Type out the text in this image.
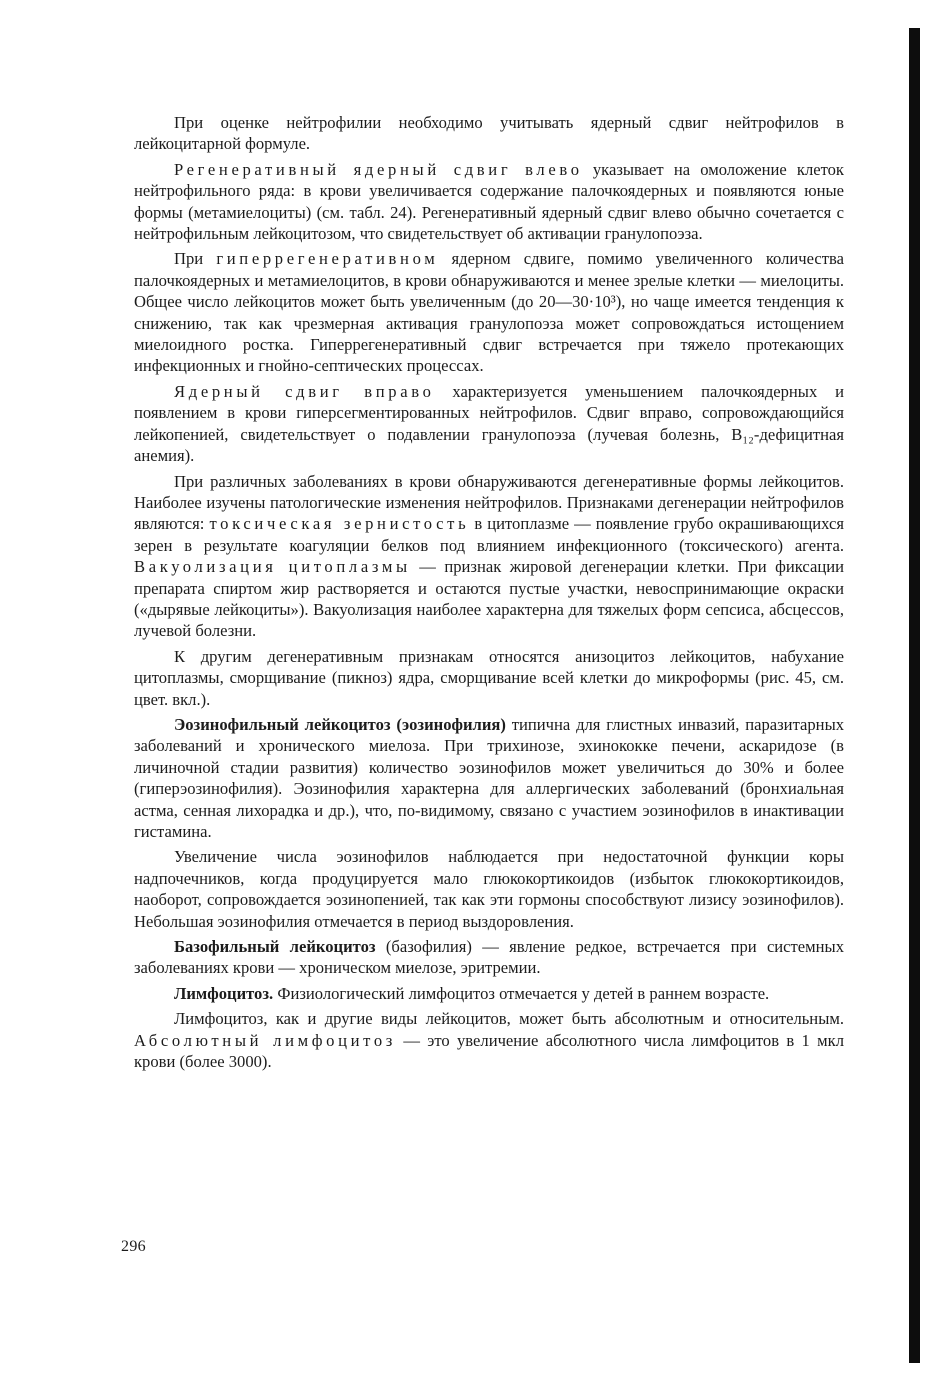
При оценке нейтрофилии необходимо учитывать ядерный сдвиг нейтрофилов в лейкоцитарной формуле.

Регенеративный ядерный сдвиг влево указывает на омоложение клеток нейтрофильного ряда: в крови увеличивается содержание палочкоядерных и появляются юные формы (метамиелоциты) (см. табл. 24). Регенеративный ядерный сдвиг влево обычно сочетается с нейтрофильным лейкоцитозом, что свидетельствует об активации гранулопоэза.

При гиперрегенеративном ядерном сдвиге, помимо увеличенного количества палочкоядерных и метамиелоцитов, в крови обнаруживаются и менее зрелые клетки — миелоциты. Общее число лейкоцитов может быть увеличенным (до 20—30·10³), но чаще имеется тенденция к снижению, так как чрезмерная активация гранулопоэза может сопровождаться истощением миелоидного ростка. Гиперрегенеративный сдвиг встречается при тяжело протекающих инфекционных и гнойно-септических процессах.

Ядерный сдвиг вправо характеризуется уменьшением палочкоядерных и появлением в крови гиперсегментированных нейтрофилов. Сдвиг вправо, сопровождающийся лейкопенией, свидетельствует о подавлении гранулопоэза (лучевая болезнь, B₁₂-дефицитная анемия).

При различных заболеваниях в крови обнаруживаются дегенеративные формы лейкоцитов. Наиболее изучены патологические изменения нейтрофилов. Признаками дегенерации нейтрофилов являются: токсическая зернистость в цитоплазме — появление грубо окрашивающихся зерен в результате коагуляции белков под влиянием инфекционного (токсического) агента. Вакуолизация цитоплазмы — признак жировой дегенерации клетки. При фиксации препарата спиртом жир растворяется и остаются пустые участки, невоспринимающие окраски («дырявые лейкоциты»). Вакуолизация наиболее характерна для тяжелых форм сепсиса, абсцессов, лучевой болезни.

К другим дегенеративным признакам относятся анизоцитоз лейкоцитов, набухание цитоплазмы, сморщивание (пикноз) ядра, сморщивание всей клетки до микроформы (рис. 45, см. цвет. вкл.).

Эозинофильный лейкоцитоз (эозинофилия) типична для глистных инвазий, паразитарных заболеваний и хронического миелоза. При трихинозе, эхинококке печени, аскаридозе (в личиночной стадии развития) количество эозинофилов может увеличиться до 30% и более (гиперэозинофилия). Эозинофилия характерна для аллергических заболеваний (бронхиальная астма, сенная лихорадка и др.), что, по-видимому, связано с участием эозинофилов в инактивации гистамина.

Увеличение числа эозинофилов наблюдается при недостаточной функции коры надпочечников, когда продуцируется мало глюкокортикоидов (избыток глюкокортикоидов, наоборот, сопровождается эозинопенией, так как эти гормоны способствуют лизису эозинофилов). Небольшая эозинофилия отмечается в период выздоровления.

Базофильный лейкоцитоз (базофилия) — явление редкое, встречается при системных заболеваниях крови — хроническом миелозе, эритремии.

Лимфоцитоз. Физиологический лимфоцитоз отмечается у детей в раннем возрасте.

Лимфоцитоз, как и другие виды лейкоцитов, может быть абсолютным и относительным. Абсолютный лимфоцитоз — это увеличение абсолютного числа лимфоцитов в 1 мкл крови (более 3000).

296
